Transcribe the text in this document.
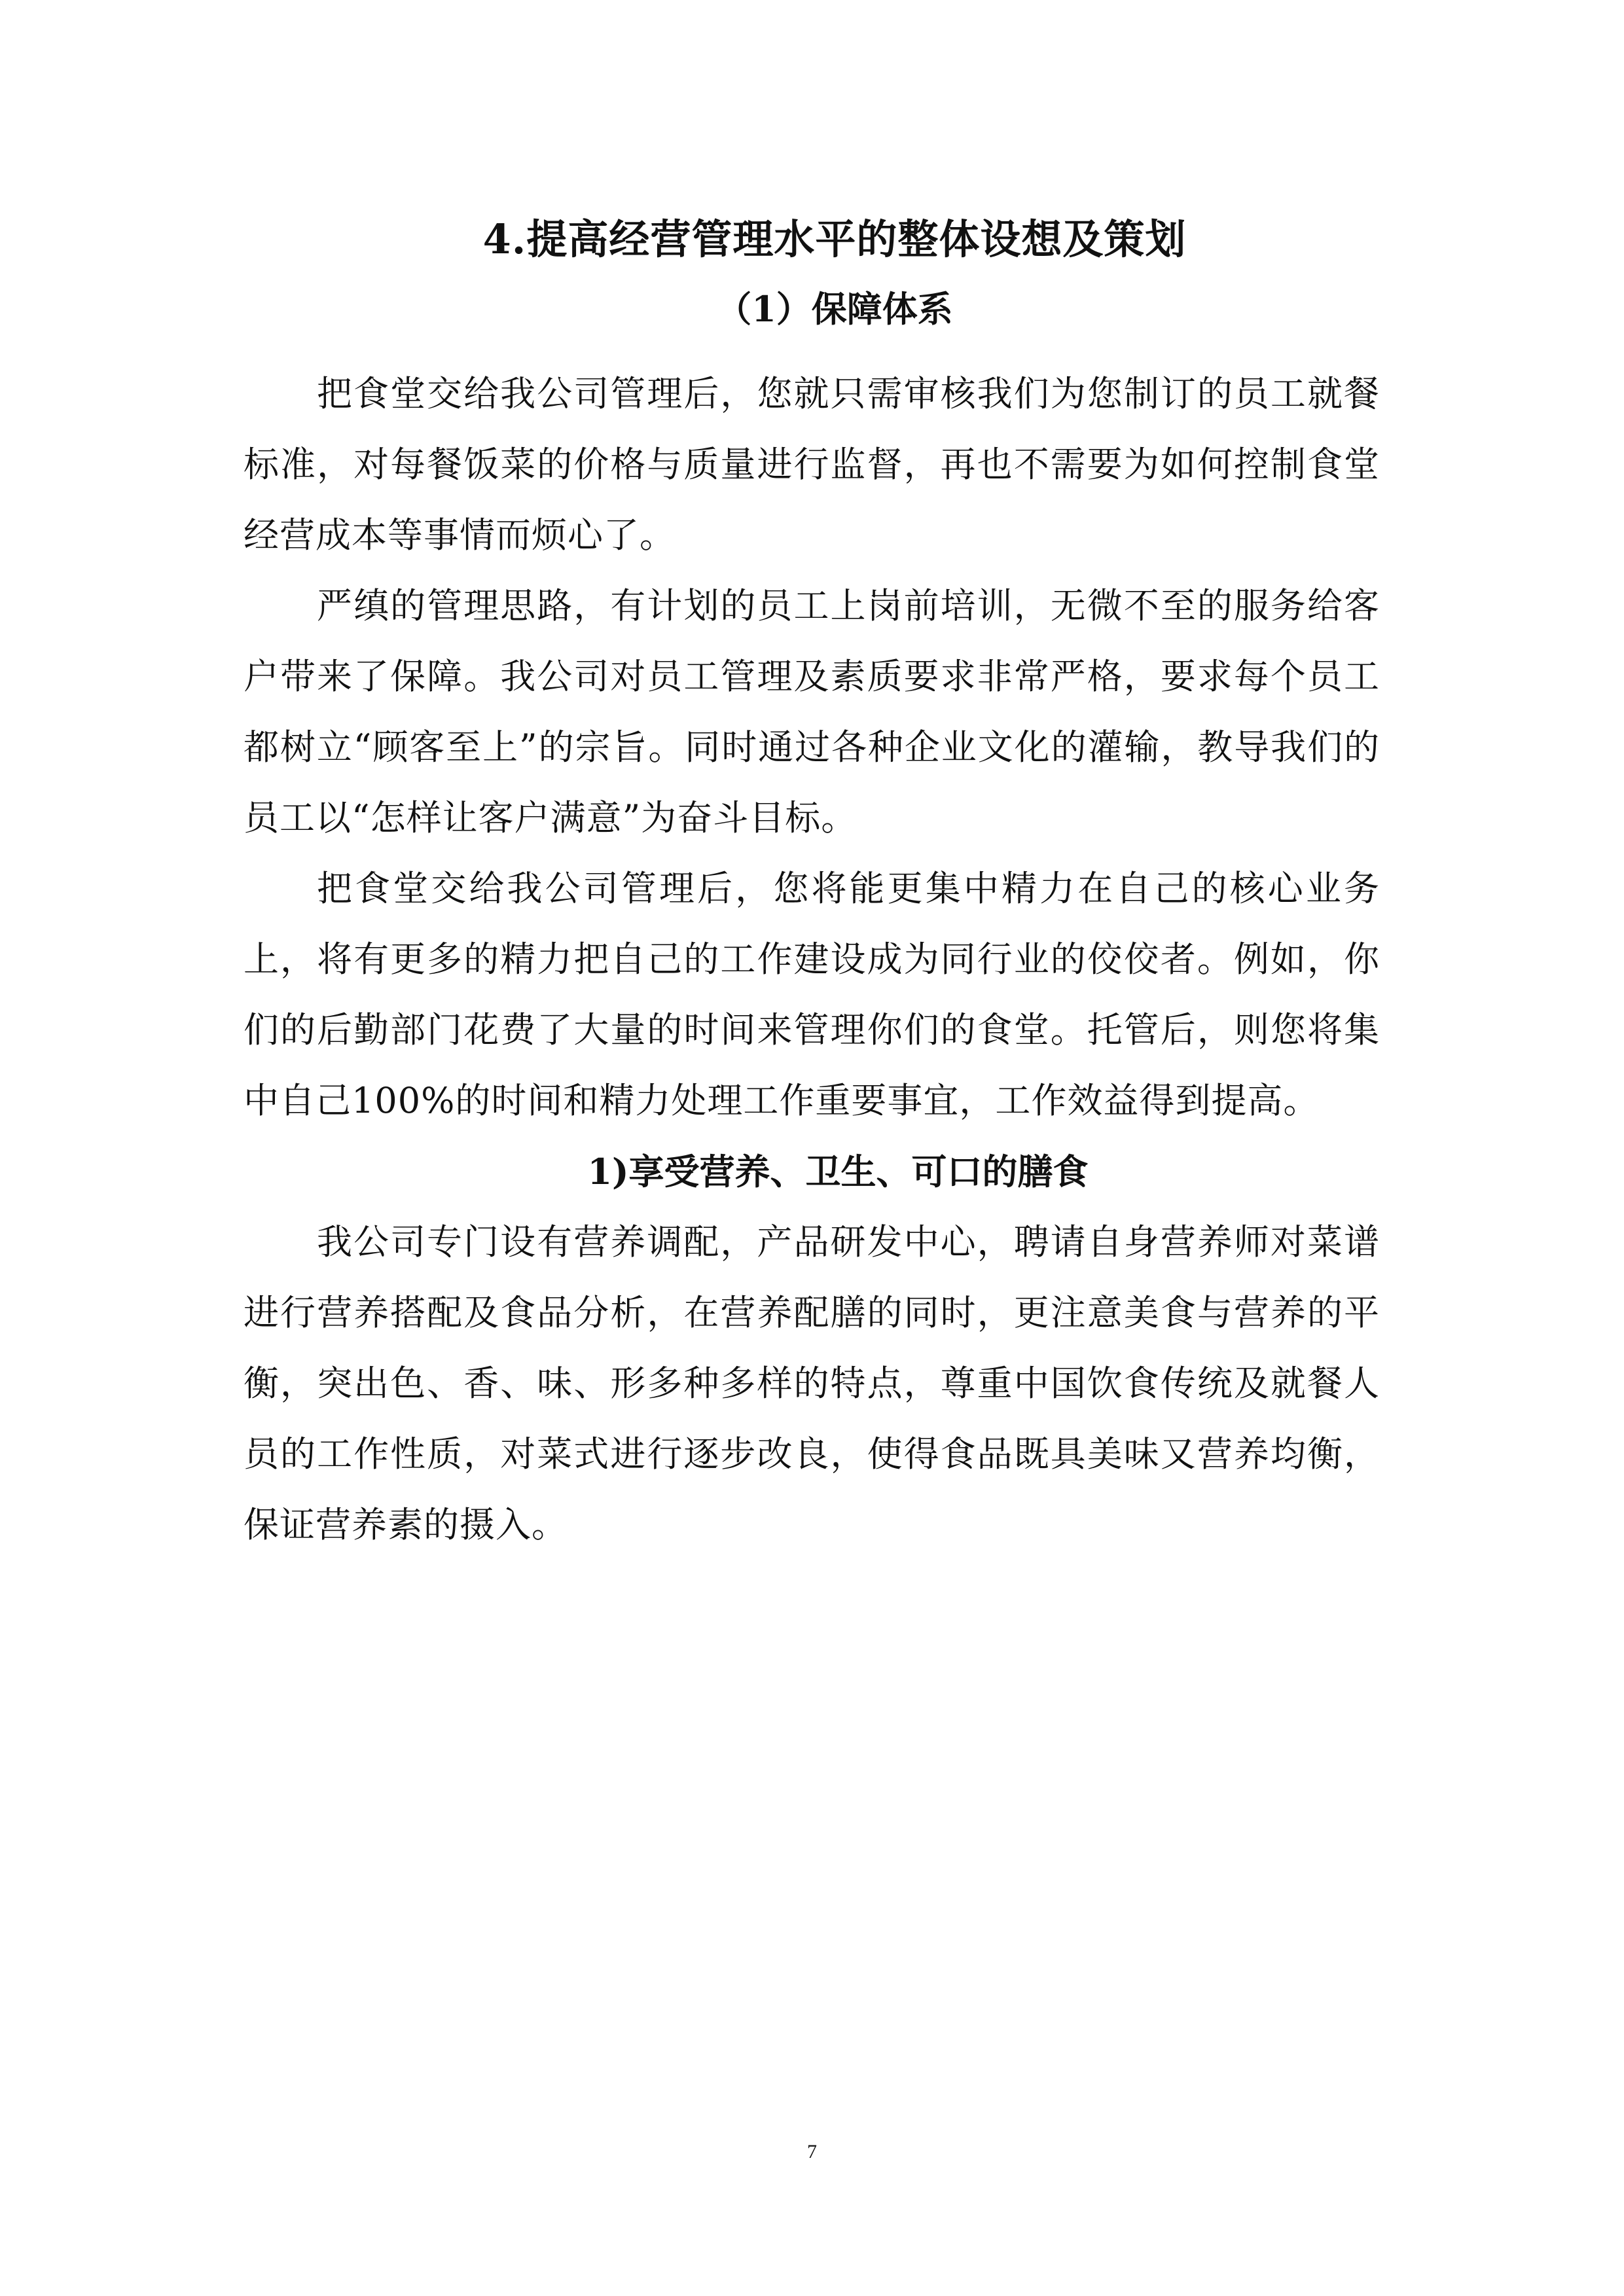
4.提高经营管理水平的整体设想及策划
（1）保障体系

把食堂交给我公司管理后，您就只需审核我们为您制订的员工就餐标准，对每餐饭菜的价格与质量进行监督，再也不需要为如何控制食堂经营成本等事情而烦心了。

严缜的管理思路，有计划的员工上岗前培训，无微不至的服务给客户带来了保障。我公司对员工管理及素质要求非常严格，要求每个员工都树立“顾客至上”的宗旨。同时通过各种企业文化的灌输，教导我们的员工以“怎样让客户满意”为奋斗目标。

把食堂交给我公司管理后，您将能更集中精力在自己的核心业务上，将有更多的精力把自己的工作建设成为同行业的佼佼者。例如，你们的后勤部门花费了大量的时间来管理你们的食堂。托管后，则您将集中自己100%的时间和精力处理工作重要事宜，工作效益得到提高。

1)享受营养、卫生、可口的膳食

我公司专门设有营养调配，产品研发中心，聘请自身营养师对菜谱进行营养搭配及食品分析，在营养配膳的同时，更注意美食与营养的平衡，突出色、香、味、形多种多样的特点，尊重中国饮食传统及就餐人员的工作性质，对菜式进行逐步改良，使得食品既具美味又营养均衡，保证营养素的摄入。

7
